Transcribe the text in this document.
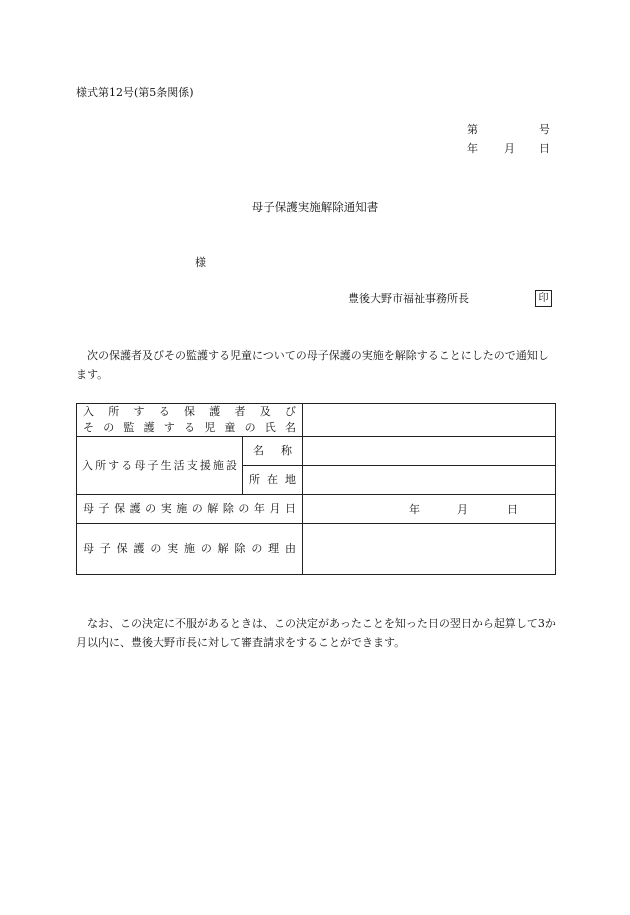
様式第12号(第5条関係)
第	号
年 月 日
母子保護実施解除通知書
様
豊後大野市福祉事務所長	印
次の保護者及びその監護する児童についての母子保護の実施を解除することにしたので通知します。
入所する保護者及び
その監護する児童の氏名		

入所する母子生活支援施設	名称	

	所在地	

母子保護の実施の解除の年月日		年 月 日

母子保護の実施の解除の理由		

なお、この決定に不服があるときは、この決定があったことを知った日の翌日から起算して3か月以内に、豊後大野市長に対して審査請求をすることができます。
